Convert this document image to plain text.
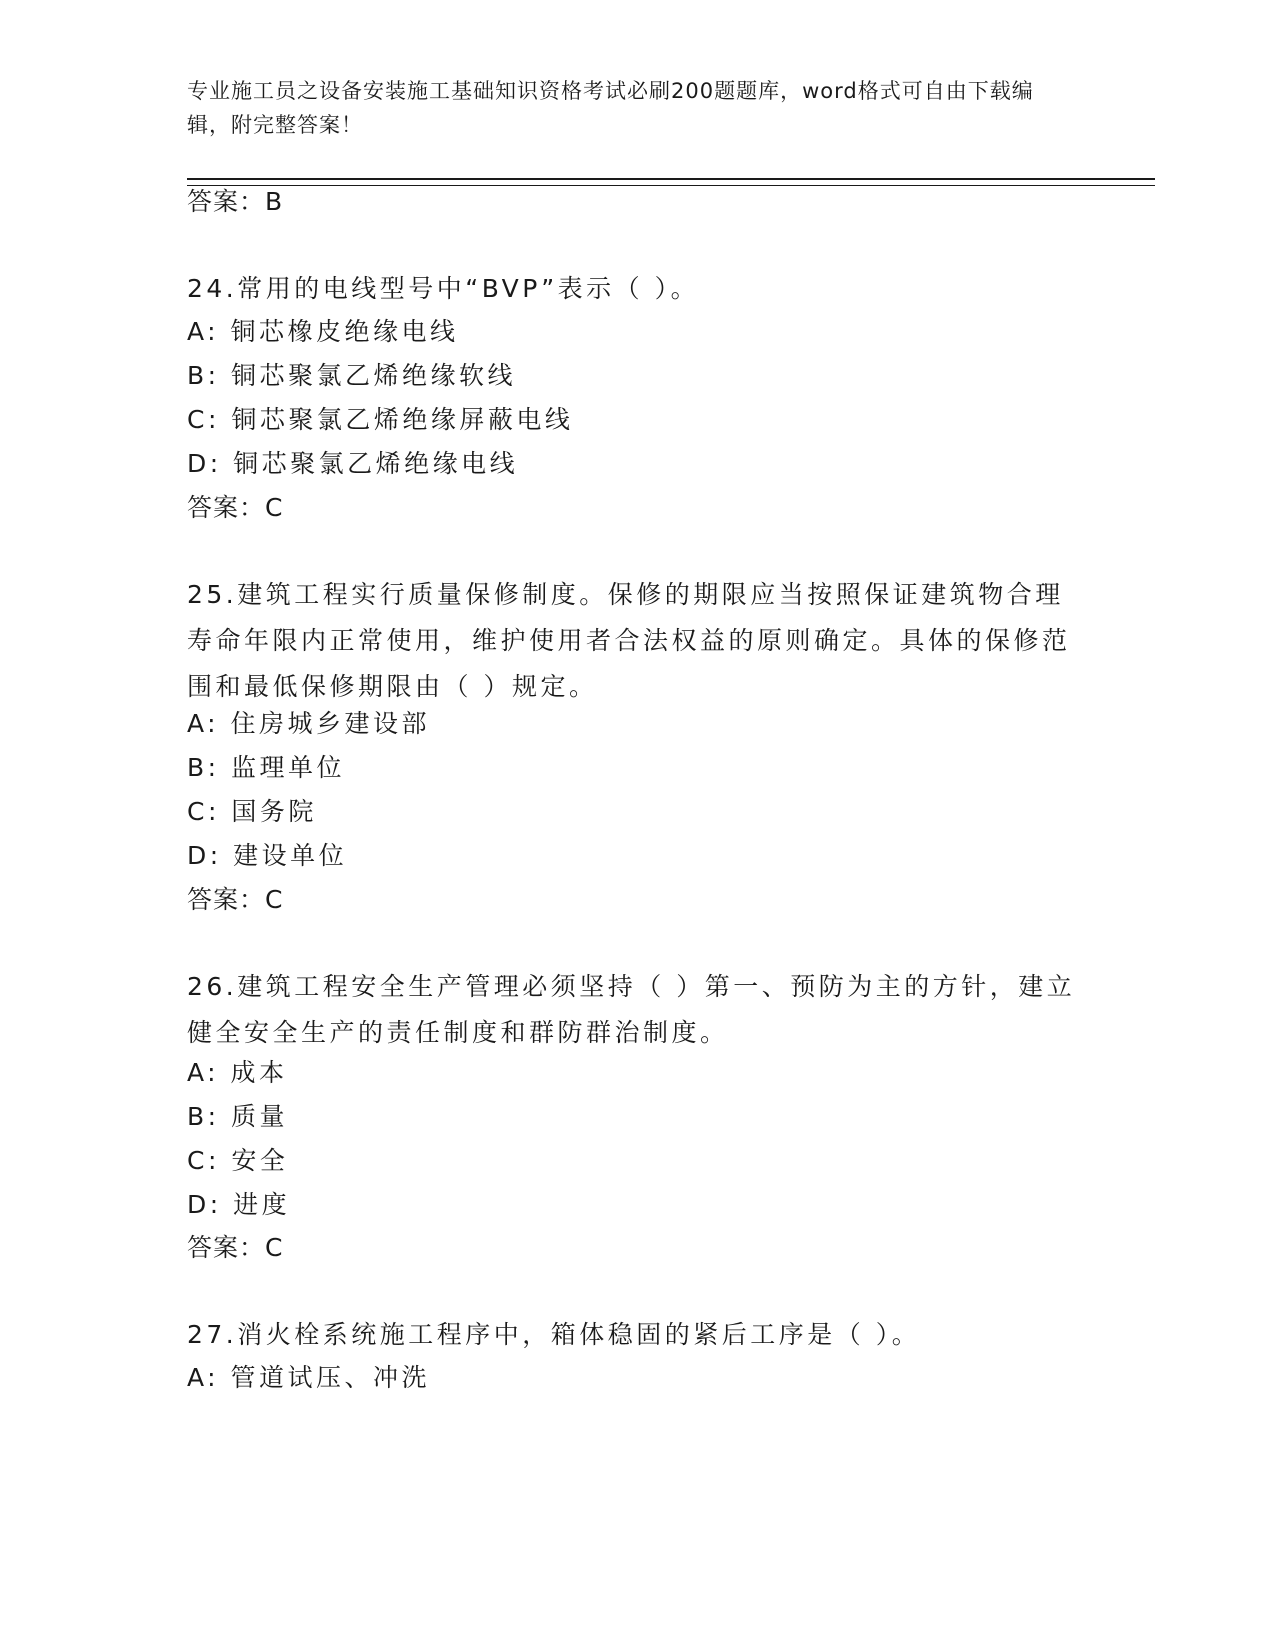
专业施工员之设备安装施工基础知识资格考试必刷200题题库，word格式可自由下载编辑，附完整答案！
答案：B

24.常用的电线型号中“BVP”表示（ ）。

A: 铜芯橡皮绝缘电线
B: 铜芯聚氯乙烯绝缘软线
C: 铜芯聚氯乙烯绝缘屏蔽电线
D: 铜芯聚氯乙烯绝缘电线
答案：C

25.建筑工程实行质量保修制度。保修的期限应当按照保证建筑物合理寿命年限内正常使用，维护使用者合法权益的原则确定。具体的保修范围和最低保修期限由（ ）规定。

A: 住房城乡建设部
B: 监理单位
C: 国务院
D: 建设单位
答案：C

26.建筑工程安全生产管理必须坚持（ ）第一、预防为主的方针，建立健全安全生产的责任制度和群防群治制度。

A: 成本
B: 质量
C: 安全
D: 进度
答案：C

27.消火栓系统施工程序中，箱体稳固的紧后工序是（ ）。

A: 管道试压、冲洗
